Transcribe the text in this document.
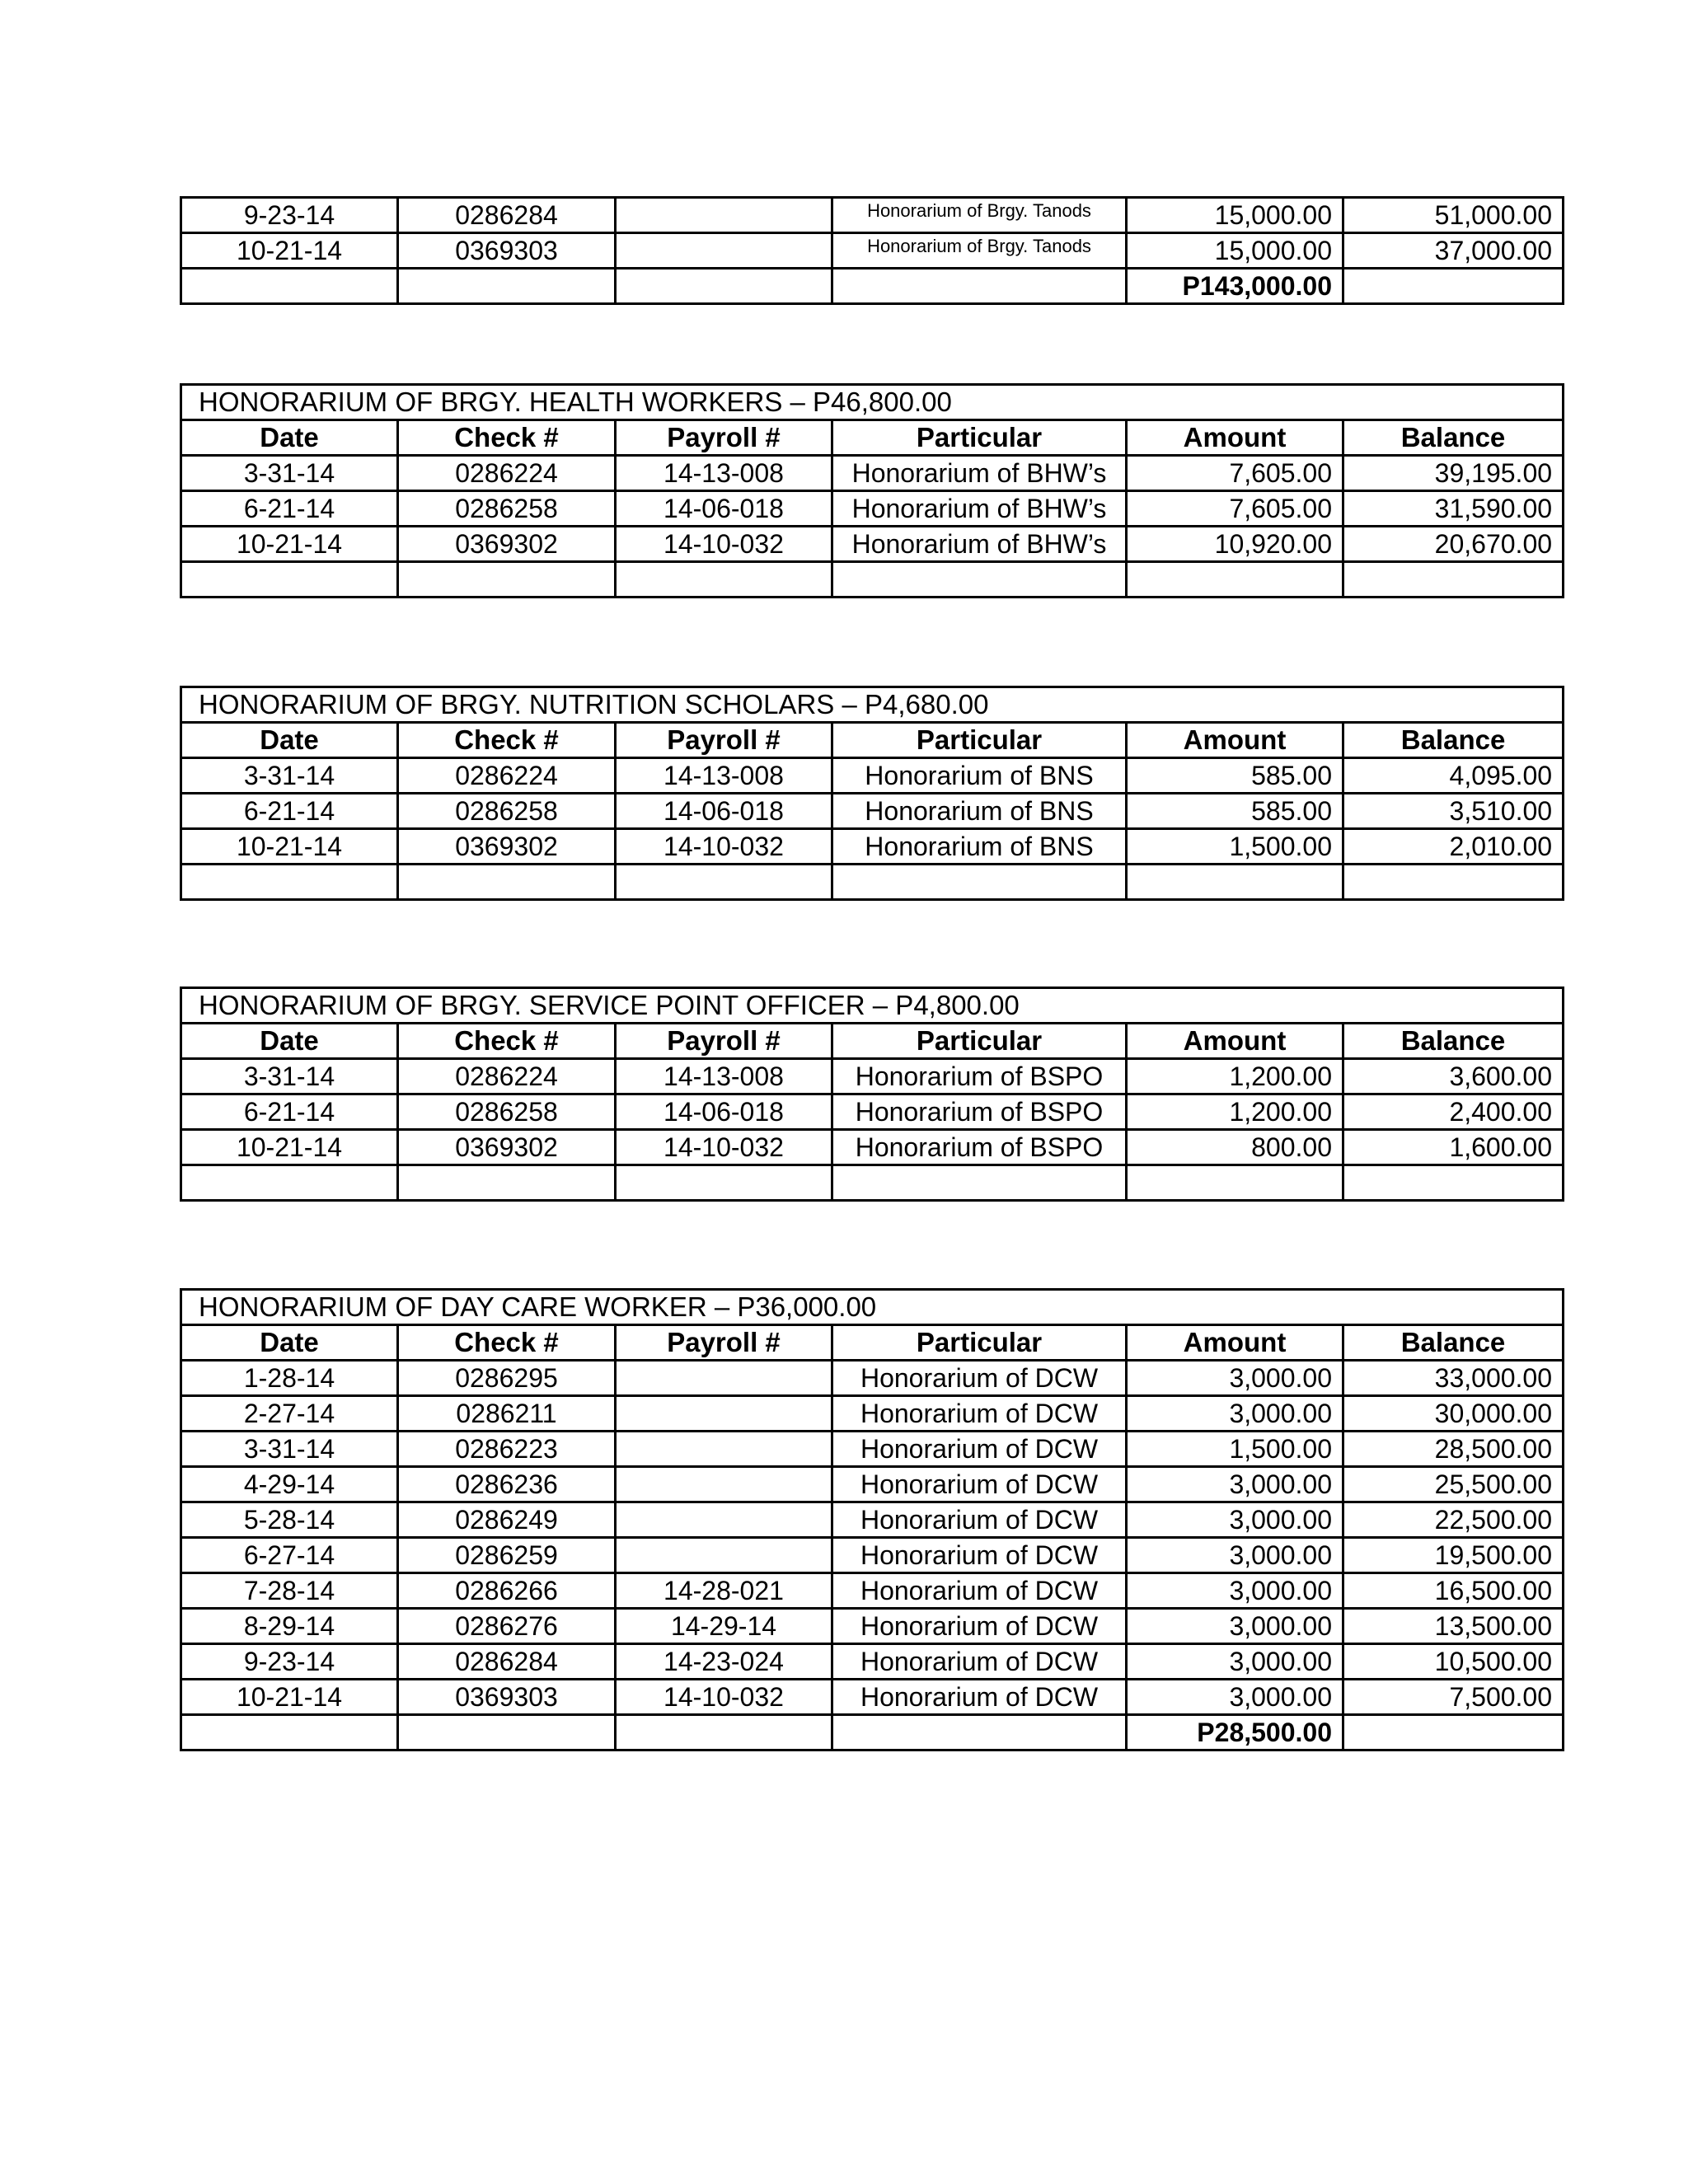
9-23-14	0286284		Honorarium of Brgy. Tanods	15,000.00	51,000.00
10-21-14	0369303		Honorarium of Brgy. Tanods	15,000.00	37,000.00
				P143,000.00	
HONORARIUM OF BRGY. HEALTH WORKERS – P46,800.00					
Date	Check #	Payroll #	Particular	Amount	Balance
3-31-14	0286224	14-13-008	Honorarium of BHW’s	7,605.00	39,195.00
6-21-14	0286258	14-06-018	Honorarium of BHW’s	7,605.00	31,590.00
10-21-14	0369302	14-10-032	Honorarium of BHW’s	10,920.00	20,670.00

HONORARIUM OF BRGY. NUTRITION SCHOLARS – P4,680.00					
Date	Check #	Payroll #	Particular	Amount	Balance
3-31-14	0286224	14-13-008	Honorarium of BNS	585.00	4,095.00
6-21-14	0286258	14-06-018	Honorarium of BNS	585.00	3,510.00
10-21-14	0369302	14-10-032	Honorarium of BNS	1,500.00	2,010.00

HONORARIUM OF BRGY. SERVICE POINT OFFICER – P4,800.00					
Date	Check #	Payroll #	Particular	Amount	Balance
3-31-14	0286224	14-13-008	Honorarium of BSPO	1,200.00	3,600.00
6-21-14	0286258	14-06-018	Honorarium of BSPO	1,200.00	2,400.00
10-21-14	0369302	14-10-032	Honorarium of BSPO	800.00	1,600.00

HONORARIUM OF DAY CARE WORKER – P36,000.00					
Date	Check #	Payroll #	Particular	Amount	Balance
1-28-14	0286295		Honorarium of DCW	3,000.00	33,000.00
2-27-14	0286211		Honorarium of DCW	3,000.00	30,000.00
3-31-14	0286223		Honorarium of DCW	1,500.00	28,500.00
4-29-14	0286236		Honorarium of DCW	3,000.00	25,500.00
5-28-14	0286249		Honorarium of DCW	3,000.00	22,500.00
6-27-14	0286259		Honorarium of DCW	3,000.00	19,500.00
7-28-14	0286266	14-28-021	Honorarium of DCW	3,000.00	16,500.00
8-29-14	0286276	14-29-14	Honorarium of DCW	3,000.00	13,500.00
9-23-14	0286284	14-23-024	Honorarium of DCW	3,000.00	10,500.00
10-21-14	0369303	14-10-032	Honorarium of DCW	3,000.00	7,500.00
				P28,500.00	
